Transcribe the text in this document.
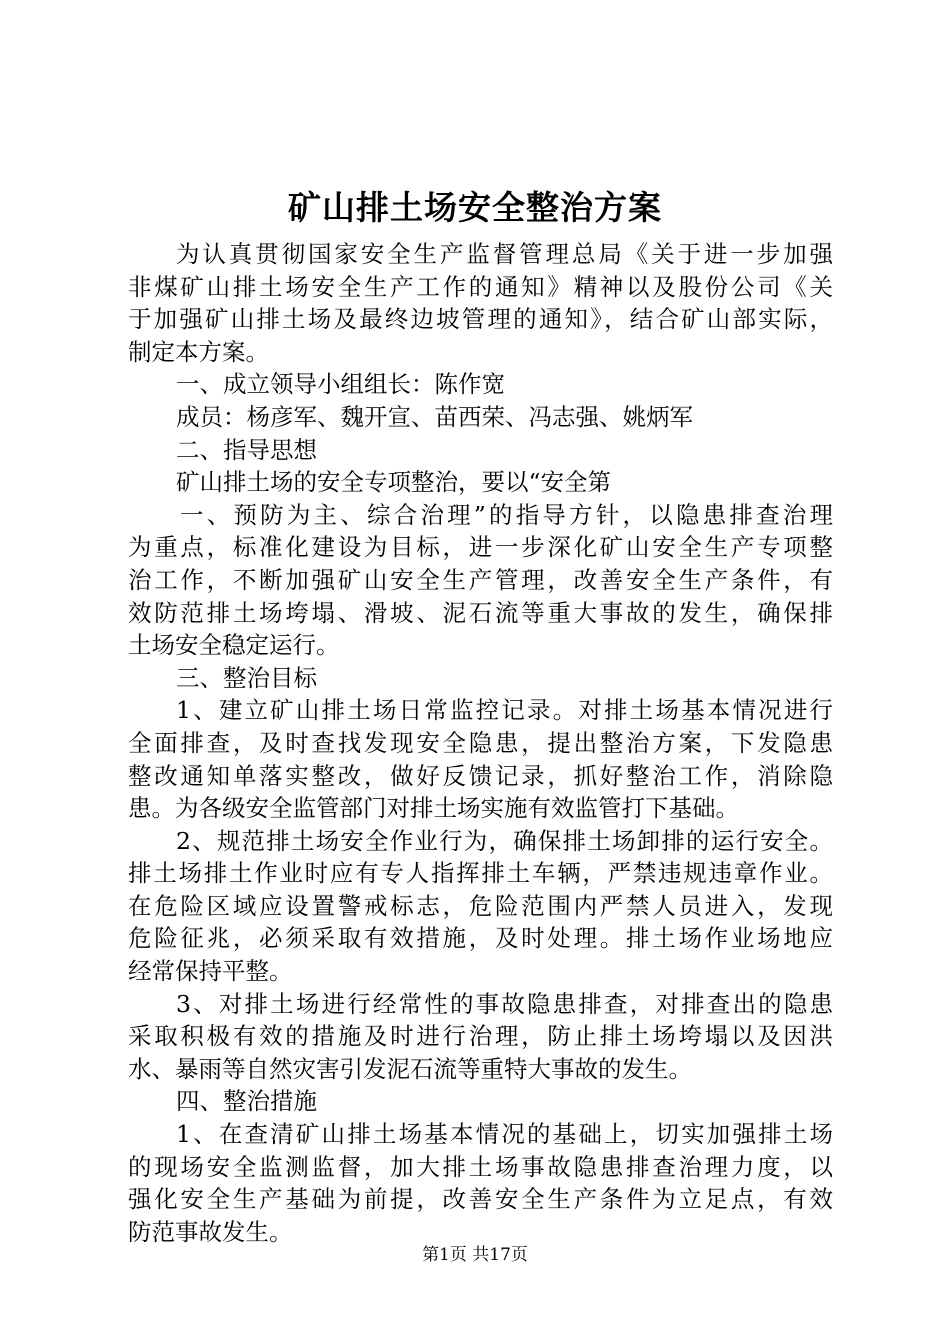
矿山排土场安全整治方案
为认真贯彻国家安全生产监督管理总局《关于进一步加强
非煤矿山排土场安全生产工作的通知》精神以及股份公司《关
于加强矿山排土场及最终边坡管理的通知》，结合矿山部实际，
制定本方案。
一、成立领导小组组长：陈作宽
成员：杨彦军、魏开宣、苗西荣、冯志强、姚炳军
二、指导思想
矿山排土场的安全专项整治，要以“安全第
一、预防为主、综合治理”的指导方针，以隐患排查治理
为重点，标准化建设为目标，进一步深化矿山安全生产专项整
治工作，不断加强矿山安全生产管理，改善安全生产条件，有
效防范排土场垮塌、滑坡、泥石流等重大事故的发生，确保排
土场安全稳定运行。
三、整治目标
1、建立矿山排土场日常监控记录。对排土场基本情况进行
全面排查，及时查找发现安全隐患，提出整治方案，下发隐患
整改通知单落实整改，做好反馈记录，抓好整治工作，消除隐
患。为各级安全监管部门对排土场实施有效监管打下基础。
2、规范排土场安全作业行为，确保排土场卸排的运行安全。
排土场排土作业时应有专人指挥排土车辆，严禁违规违章作业。
在危险区域应设置警戒标志，危险范围内严禁人员进入，发现
危险征兆，必须采取有效措施，及时处理。排土场作业场地应
经常保持平整。
3、对排土场进行经常性的事故隐患排查，对排查出的隐患
采取积极有效的措施及时进行治理，防止排土场垮塌以及因洪
水、暴雨等自然灾害引发泥石流等重特大事故的发生。
四、整治措施
1、在查清矿山排土场基本情况的基础上，切实加强排土场
的现场安全监测监督，加大排土场事故隐患排查治理力度，以
强化安全生产基础为前提，改善安全生产条件为立足点，有效
防范事故发生。
第1页 共17页
